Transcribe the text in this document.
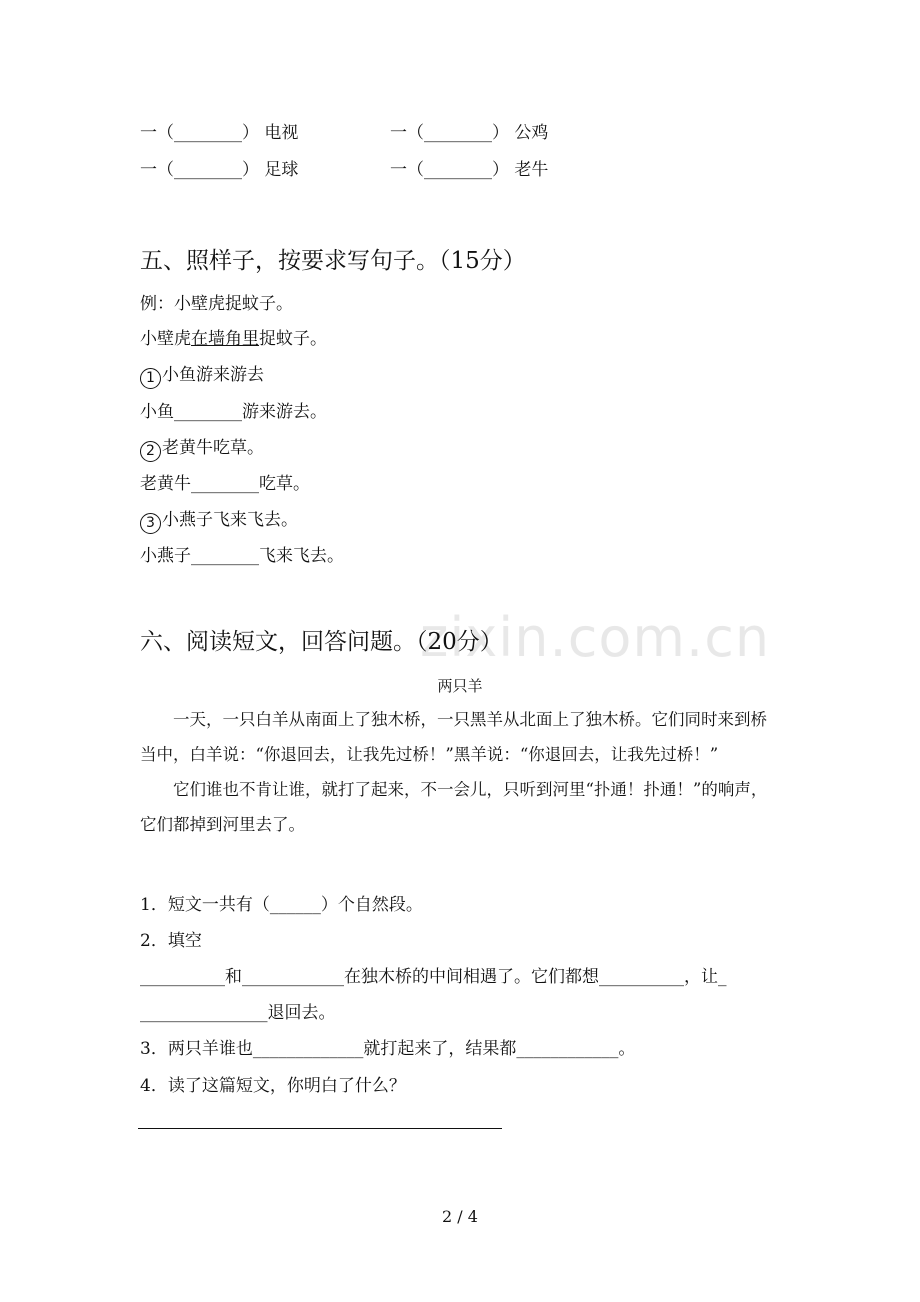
一（________） 电视	一（________） 公鸡
一（________） 足球	一（________） 老牛
五、照样子，按要求写句子。（15分）
例：小壁虎捉蚊子。
小壁虎在墙角里捉蚊子。
1 小鱼游来游去
小鱼________游来游去。
2 老黄牛吃草。
老黄牛________吃草。
3 小燕子飞来飞去。
小燕子________飞来飞去。
zixin.com.cn
六、阅读短文，回答问题。（20分）
两只羊

一天，一只白羊从南面上了独木桥，一只黑羊从北面上了独木桥。它们同时来到桥当中，白羊说：“你退回去，让我先过桥！”黑羊说：“你退回去，让我先过桥！”

它们谁也不肯让谁，就打了起来，不一会儿，只听到河里“扑通！扑通！”的响声，它们都掉到河里去了。

1．短文一共有（______）个自然段。
2．填空
__________和____________在独木桥的中间相遇了。它们都想__________，让_
_______________退回去。
3．两只羊谁也_____________就打起来了，结果都____________。
4．读了这篇短文，你明白了什么？
2 / 4
